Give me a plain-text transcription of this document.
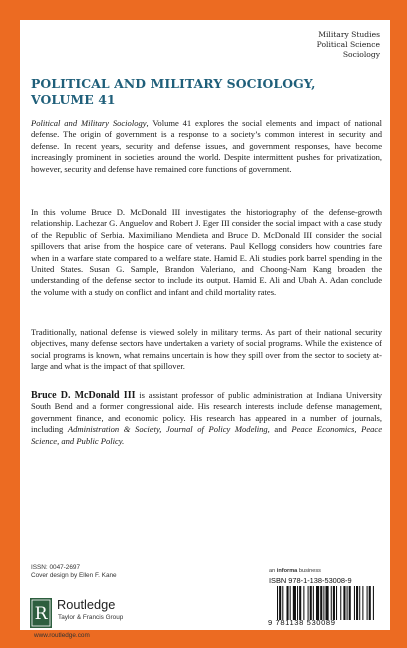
Military Studies
Political Science
Sociology
POLITICAL AND MILITARY SOCIOLOGY,
VOLUME 41

Political and Military Sociology, Volume 41 explores the social elements and impact of national defense. The origin of government is a response to a society’s common interest in security and defense. In recent years, security and defense issues, and government responses, have become increasingly prominent in societies around the world. Despite intermittent pushes for privatization, however, security and defense have remained core functions of government.

In this volume Bruce D. McDonald III investigates the historiography of the defense-growth relationship. Lachezar G. Anguelov and Robert J. Eger III consider the social impact with a case study of the Republic of Serbia. Maximiliano Mendieta and Bruce D. McDonald III consider the social spillovers that arise from the hospice care of veterans. Paul Kellogg considers how countries fare when in a warfare state compared to a welfare state. Hamid E. Ali studies pork barrel spending in the United States. Susan G. Sample, Brandon Valeriano, and Choong-Nam Kang broaden the understanding of the defense sector to include its output. Hamid E. Ali and Ubah A. Adan conclude the volume with a study on conflict and infant and child mortality rates.

Traditionally, national defense is viewed solely in military terms. As part of their national security objectives, many defense sectors have undertaken a variety of social programs. While the existence of social programs is known, what remains uncertain is how they spill over from the sector to society at-large and what is the impact of that spillover.

Bruce D. McDonald III is assistant professor of public administration at Indiana University South Bend and a former congressional aide. His research interests include defense management, government finance, and economic policy. His research has appeared in a number of journals, including Administration & Society, Journal of Policy Modeling, and Peace Economics, Peace Science, and Public Policy.

ISSN: 0047-2697
Cover design by Ellen F. Kane
an informa business
ISBN 978-1-138-53008-9
9 781138 530089
R Routledge
Taylor & Francis Group
www.routledge.com
